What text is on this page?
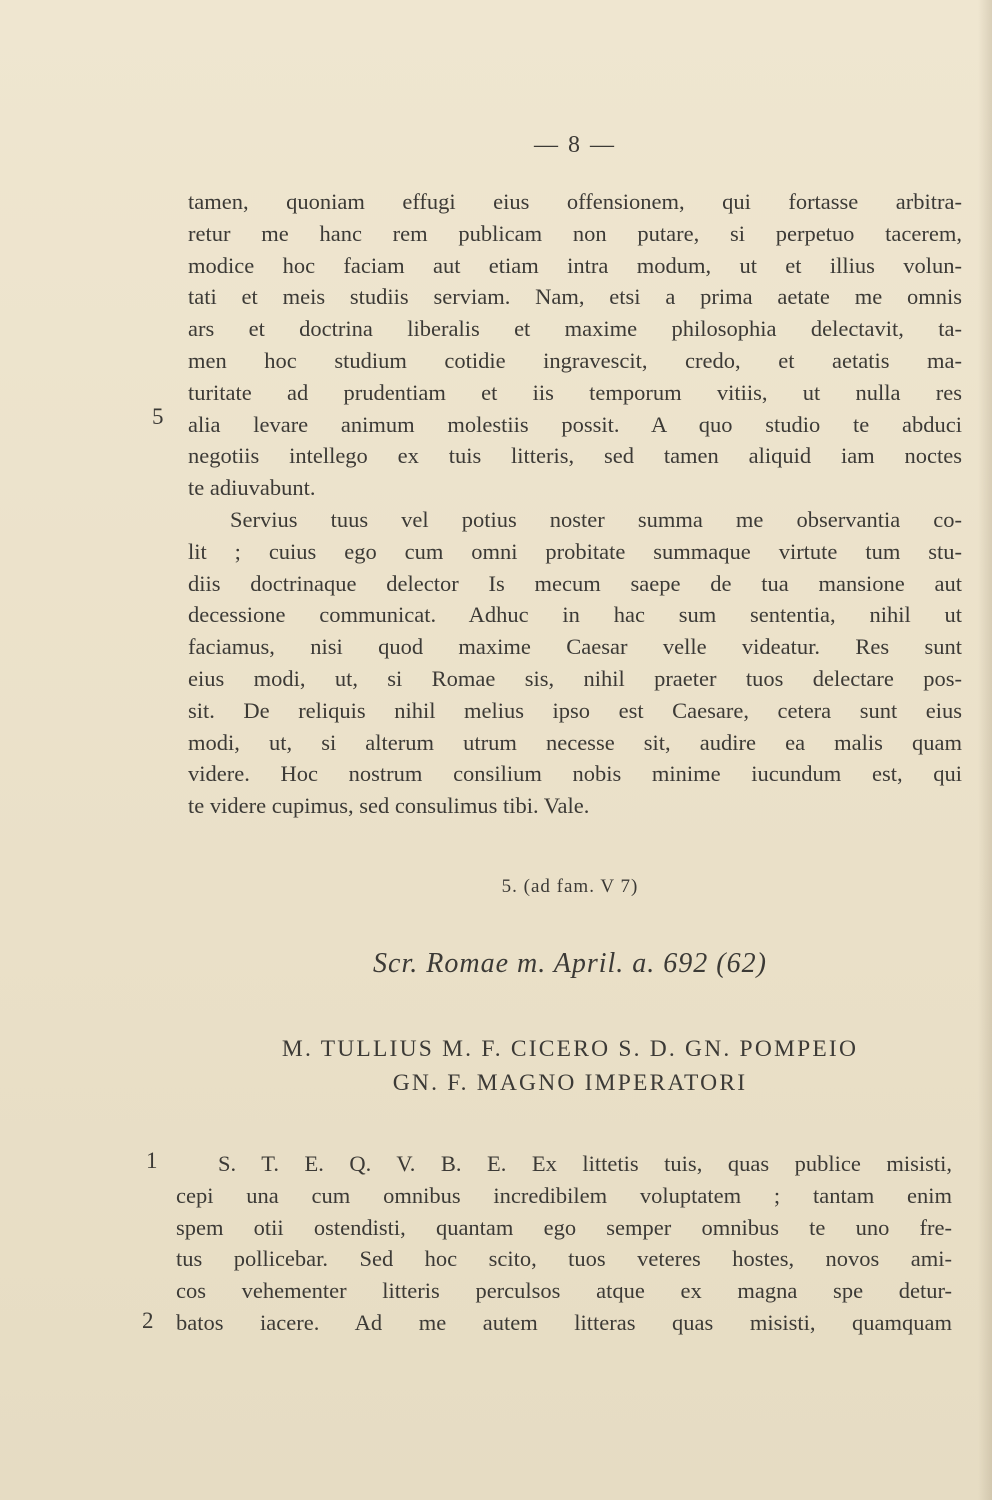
— 8 —
tamen, quoniam effugi eius offensionem, qui fortasse arbitra-
retur me hanc rem publicam non putare, si perpetuo tacerem,
modice hoc faciam aut etiam intra modum, ut et illius volun-
tati et meis studiis serviam. Nam, etsi a prima aetate me omnis
ars et doctrina liberalis et maxime philosophia delectavit, ta-
men hoc studium cotidie ingravescit, credo, et aetatis ma-
turitate ad prudentiam et iis temporum vitiis, ut nulla res
alia levare animum molestiis possit. A quo studio te abduci
negotiis intellego ex tuis litteris, sed tamen aliquid iam noctes
te adiuvabunt.
Servius tuus vel potius noster summa me observantia co-
lit ; cuius ego cum omni probitate summaque virtute tum stu-
diis doctrinaque delector Is mecum saepe de tua mansione aut
decessione communicat. Adhuc in hac sum sententia, nihil ut
faciamus, nisi quod maxime Caesar velle videatur. Res sunt
eius modi, ut, si Romae sis, nihil praeter tuos delectare pos-
sit. De reliquis nihil melius ipso est Caesare, cetera sunt eius
modi, ut, si alterum utrum necesse sit, audire ea malis quam
videre. Hoc nostrum consilium nobis minime iucundum est, qui
te videre cupimus, sed consulimus tibi. Vale.
5
5. (ad fam. V 7)
Scr. Romae m. April. a. 692 (62)
M. TULLIUS M. F. CICERO S. D. GN. POMPEIO
GN. F. MAGNO IMPERATORI
1
2
S. T. E. Q. V. B. E. Ex littetis tuis, quas publice misisti,
cepi una cum omnibus incredibilem voluptatem ; tantam enim
spem otii ostendisti, quantam ego semper omnibus te uno fre-
tus pollicebar. Sed hoc scito, tuos veteres hostes, novos ami-
cos vehementer litteris perculsos atque ex magna spe detur-
batos iacere. Ad me autem litteras quas misisti, quamquam
